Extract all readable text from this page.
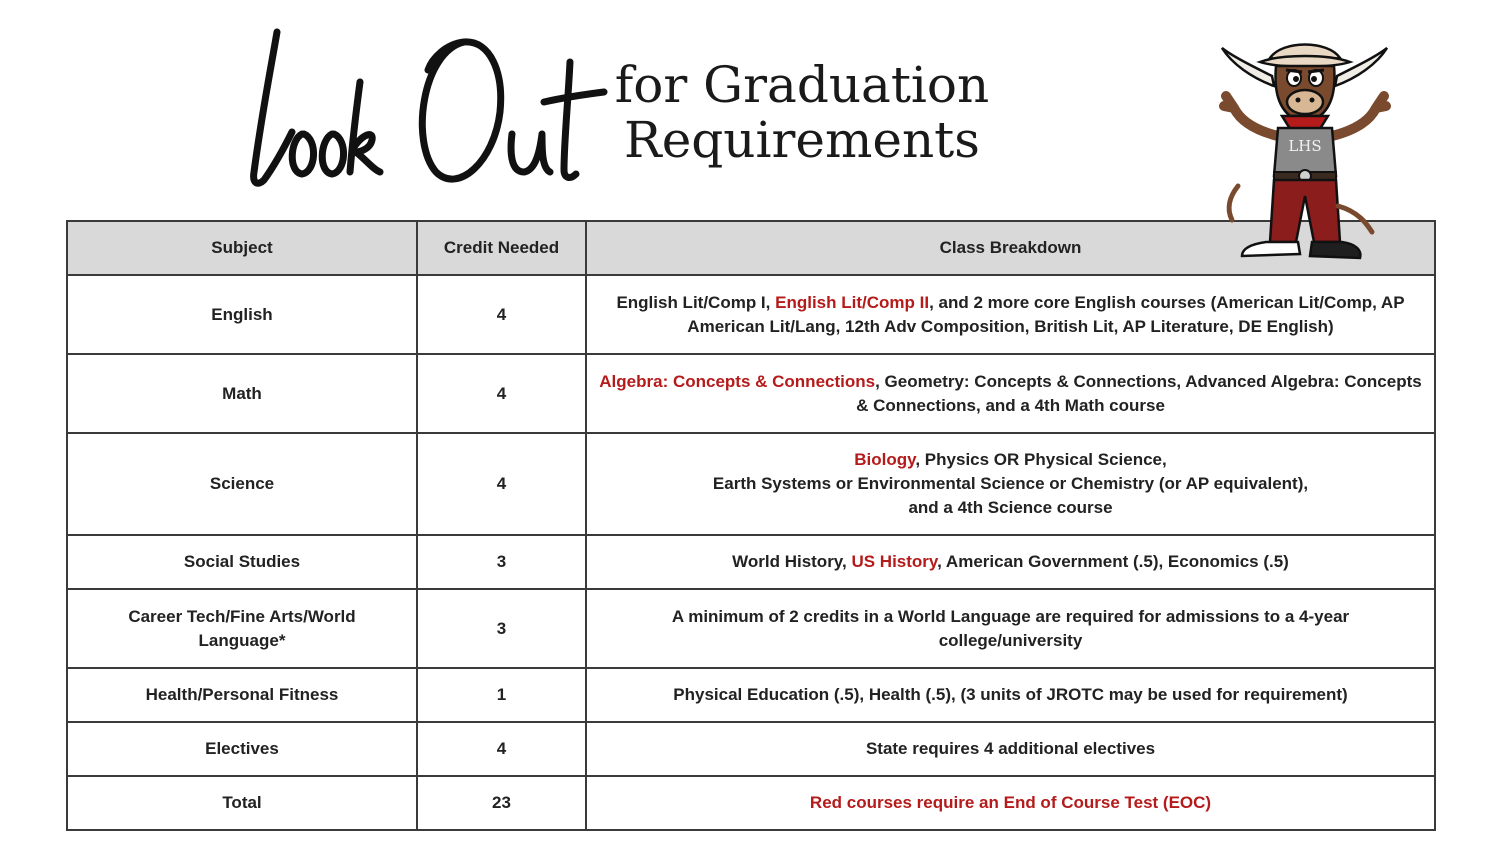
for Graduation
Requirements	LHS
Subject	Credit Needed	Class Breakdown
English	4	English Lit/Comp I, English Lit/Comp II, and 2 more core English courses (American Lit/Comp, AP American Lit/Lang, 12th Adv Composition, British Lit, AP Literature, DE English)
Math	4	Algebra: Concepts & Connections, Geometry: Concepts & Connections, Advanced Algebra: Concepts & Connections, and a 4th Math course
Science	4	Biology, Physics OR Physical Science,
Earth Systems or Environmental Science or Chemistry (or AP equivalent),
and a 4th Science course
Social Studies	3	World History, US History, American Government (.5), Economics (.5)
Career Tech/Fine Arts/World Language*	3	A minimum of 2 credits in a World Language are required for admissions to a 4-year college/university
Health/Personal Fitness	1	Physical Education (.5), Health (.5), (3 units of JROTC may be used for requirement)
Electives	4	State requires 4 additional electives
Total	23	Red courses require an End of Course Test (EOC)
